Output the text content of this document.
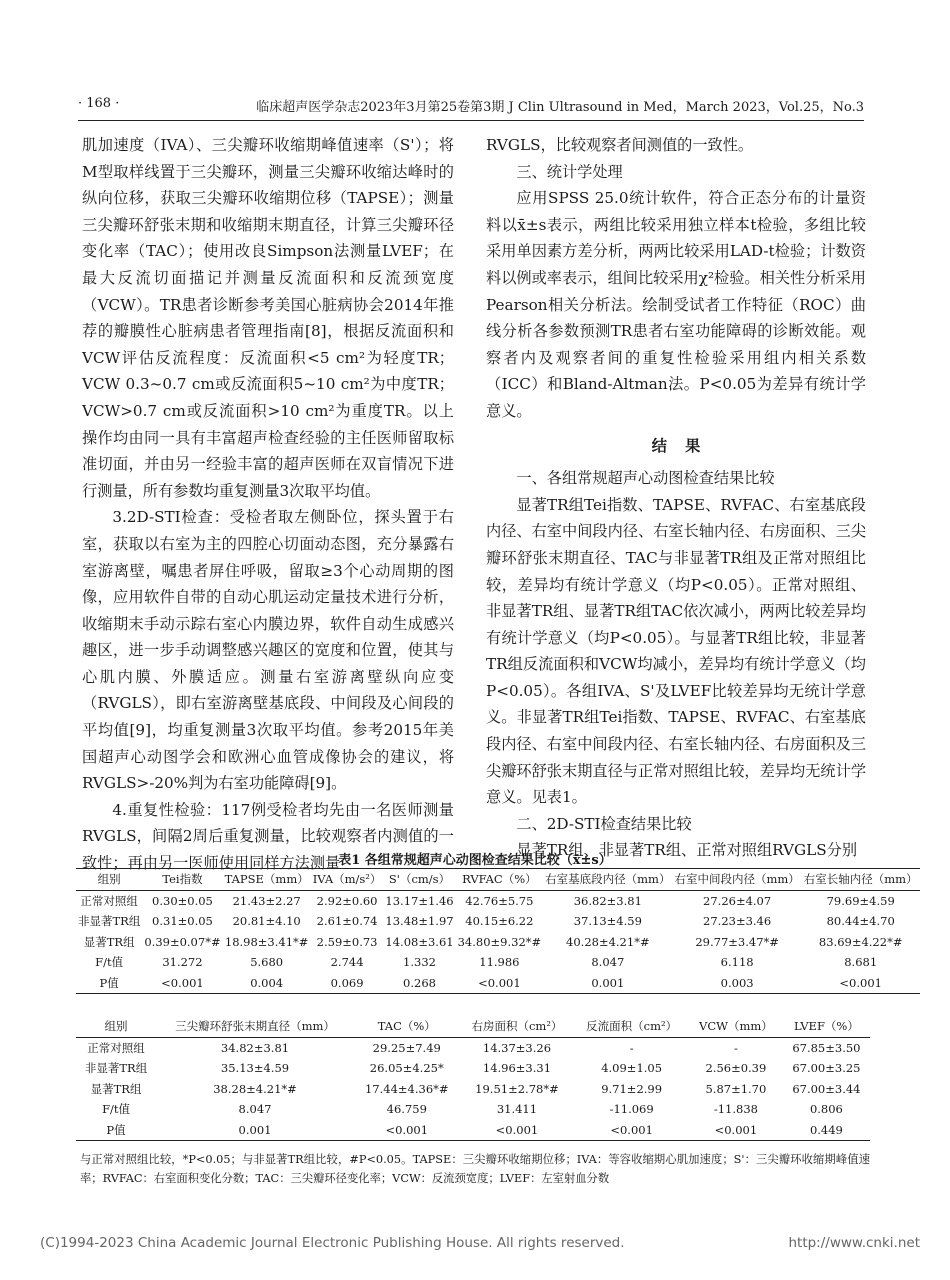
· 168 ·	临床超声医学杂志2023年3月第25卷第3期 J Clin Ultrasound in Med，March 2023，Vol.25，No.3

肌加速度（IVA）、三尖瓣环收缩期峰值速率（S'）；将M型取样线置于三尖瓣环，测量三尖瓣环收缩达峰时的纵向位移，获取三尖瓣环收缩期位移（TAPSE）；测量三尖瓣环舒张末期和收缩期末期直径，计算三尖瓣环径变化率（TAC）；使用改良Simpson法测量LVEF；在最大反流切面描记并测量反流面积和反流颈宽度（VCW）。TR患者诊断参考美国心脏病协会2014年推荐的瓣膜性心脏病患者管理指南[8]，根据反流面积和VCW评估反流程度：反流面积<5 cm²为轻度TR；VCW 0.3~0.7 cm或反流面积5~10 cm²为中度TR；VCW>0.7 cm或反流面积>10 cm²为重度TR。以上操作均由同一具有丰富超声检查经验的主任医师留取标准切面，并由另一经验丰富的超声医师在双盲情况下进行测量，所有参数均重复测量3次取平均值。

3.2D-STI检查：受检者取左侧卧位，探头置于右室，获取以右室为主的四腔心切面动态图，充分暴露右室游离壁，嘱患者屏住呼吸，留取≥3个心动周期的图像，应用软件自带的自动心肌运动定量技术进行分析，收缩期末手动示踪右室心内膜边界，软件自动生成感兴趣区，进一步手动调整感兴趣区的宽度和位置，使其与心肌内膜、外膜适应。测量右室游离壁纵向应变（RVGLS），即右室游离壁基底段、中间段及心间段的平均值[9]，均重复测量3次取平均值。参考2015年美国超声心动图学会和欧洲心血管成像协会的建议，将RVGLS>-20%判为右室功能障碍[9]。

4.重复性检验：117例受检者均先由一名医师测量RVGLS，间隔2周后重复测量，比较观察者内测值的一致性；再由另一医师使用同样方法测量

RVGLS，比较观察者间测值的一致性。

三、统计学处理

应用SPSS 25.0统计软件，符合正态分布的计量资料以x̄±s表示，两组比较采用独立样本t检验，多组比较采用单因素方差分析，两两比较采用LAD-t检验；计数资料以例或率表示，组间比较采用χ²检验。相关性分析采用Pearson相关分析法。绘制受试者工作特征（ROC）曲线分析各参数预测TR患者右室功能障碍的诊断效能。观察者内及观察者间的重复性检验采用组内相关系数（ICC）和Bland-Altman法。P<0.05为差异有统计学意义。

结果

一、各组常规超声心动图检查结果比较

显著TR组Tei指数、TAPSE、RVFAC、右室基底段内径、右室中间段内径、右室长轴内径、右房面积、三尖瓣环舒张末期直径、TAC与非显著TR组及正常对照组比较，差异均有统计学意义（均P<0.05）。正常对照组、非显著TR组、显著TR组TAC依次减小，两两比较差异均有统计学意义（均P<0.05）。与显著TR组比较，非显著TR组反流面积和VCW均减小，差异均有统计学意义（均P<0.05）。各组IVA、S'及LVEF比较差异均无统计学意义。非显著TR组Tei指数、TAPSE、RVFAC、右室基底段内径、右室中间段内径、右室长轴内径、右房面积及三尖瓣环舒张末期直径与正常对照组比较，差异均无统计学意义。见表1。

二、2D-STI检查结果比较

显著TR组、非显著TR组、正常对照组RVGLS分别

表1 各组常规超声心动图检查结果比较（x̄±s）
组别	Tei指数	TAPSE（mm）	IVA（m/s²）	S'（cm/s）	RVFAC（%）	右室基底段内径（mm）	右室中间段内径（mm）	右室长轴内径（mm）
正常对照组	0.30±0.05	21.43±2.27	2.92±0.60	13.17±1.46	42.76±5.75	36.82±3.81	27.26±4.07	79.69±4.59
非显著TR组	0.31±0.05	20.81±4.10	2.61±0.74	13.48±1.97	40.15±6.22	37.13±4.59	27.23±3.46	80.44±4.70
显著TR组	0.39±0.07*#	18.98±3.41*#	2.59±0.73	14.08±3.61	34.80±9.32*#	40.28±4.21*#	29.77±3.47*#	83.69±4.22*#
F/t值	31.272	5.680	2.744	1.332	11.986	8.047	6.118	8.681
P值	<0.001	0.004	0.069	0.268	<0.001	0.001	0.003	<0.001
组别	三尖瓣环舒张末期直径（mm）	TAC（%）	右房面积（cm²）	反流面积（cm²）	VCW（mm）	LVEF（%）
正常对照组	34.82±3.81	29.25±7.49	14.37±3.26	-	-	67.85±3.50
非显著TR组	35.13±4.59	26.05±4.25*	14.96±3.31	4.09±1.05	2.56±0.39	67.00±3.25
显著TR组	38.28±4.21*#	17.44±4.36*#	19.51±2.78*#	9.71±2.99	5.87±1.70	67.00±3.44
F/t值	8.047	46.759	31.411	-11.069	-11.838	0.806
P值	0.001	<0.001	<0.001	<0.001	<0.001	0.449
与正常对照组比较，*P<0.05；与非显著TR组比较，#P<0.05。TAPSE：三尖瓣环收缩期位移；IVA：等容收缩期心肌加速度；S'：三尖瓣环收缩期峰值速率；RVFAC：右室面积变化分数；TAC：三尖瓣环径变化率；VCW：反流颈宽度；LVEF：左室射血分数
(C)1994-2023 China Academic Journal Electronic Publishing House. All rights reserved.	http://www.cnki.net
